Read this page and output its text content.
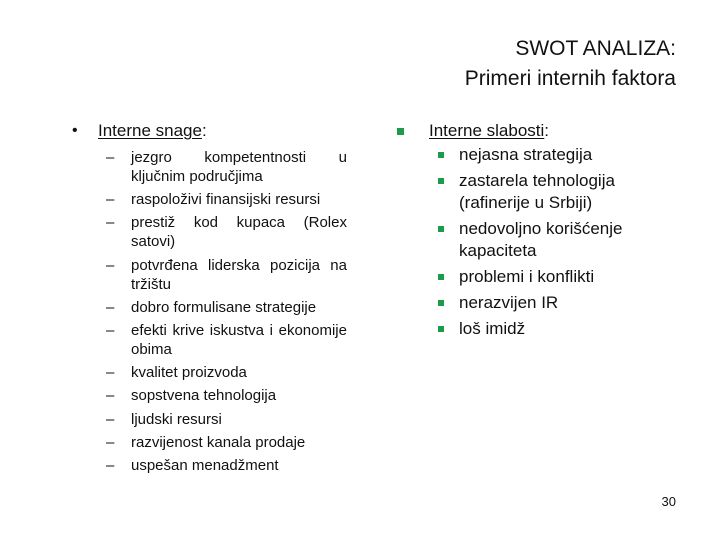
SWOT ANALIZA:
Primeri internih faktora
•	Interne snage :
– jezgro kompetentnosti u ključnim područjima
– raspoloživi finansijski resursi
– prestiž kod kupaca (Rolex satovi)
– potvrđena liderska pozicija na tržištu
– dobro formulisane strategije
– efekti krive iskustva i ekonomije obima
– kvalitet proizvoda
– sopstvena tehnologija
– ljudski resursi
– razvijenost kanala prodaje
– uspešan menadžment
Interne slabosti :
nejasna strategija
zastarela tehnologija (rafinerije u Srbiji)
nedovoljno korišćenje kapaciteta
problemi i konflikti
nerazvijen IR
loš imidž
30
